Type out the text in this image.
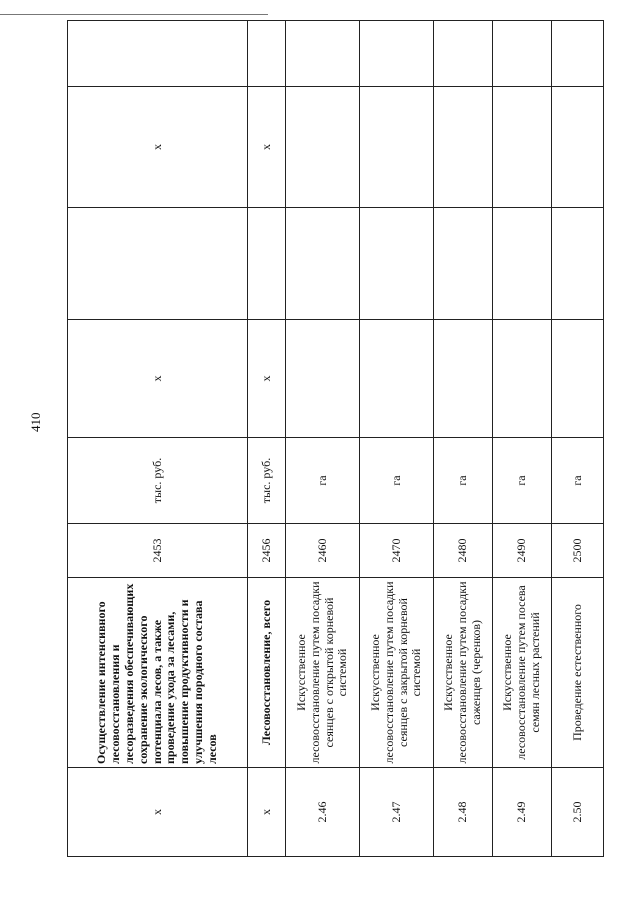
410
x	Осуществление интенсивного лесовосстановления и лесоразведения обеспечивающих сохранение экологического потенциала лесов, а также проведение ухода за лесами, повышение продуктивности и улучшения породного состава лесов	2453	тыс. руб.	x		x	
x	Лесовосстановление, всего	2456	тыс. руб.	x		x	
2.46	Искусственное лесовосстановление путем посадки сеянцев с открытой корневой системой	2460	га				
2.47	Искусственное лесовосстановление путем посадки сеянцев с закрытой корневой системой	2470	га				
2.48	Искусственное лесовосстановление путем посадки саженцев (черенков)	2480	га				
2.49	Искусственное лесовосстановление путем посева семян лесных растений	2490	га				
2.50	Проведение естественного	2500	га				
